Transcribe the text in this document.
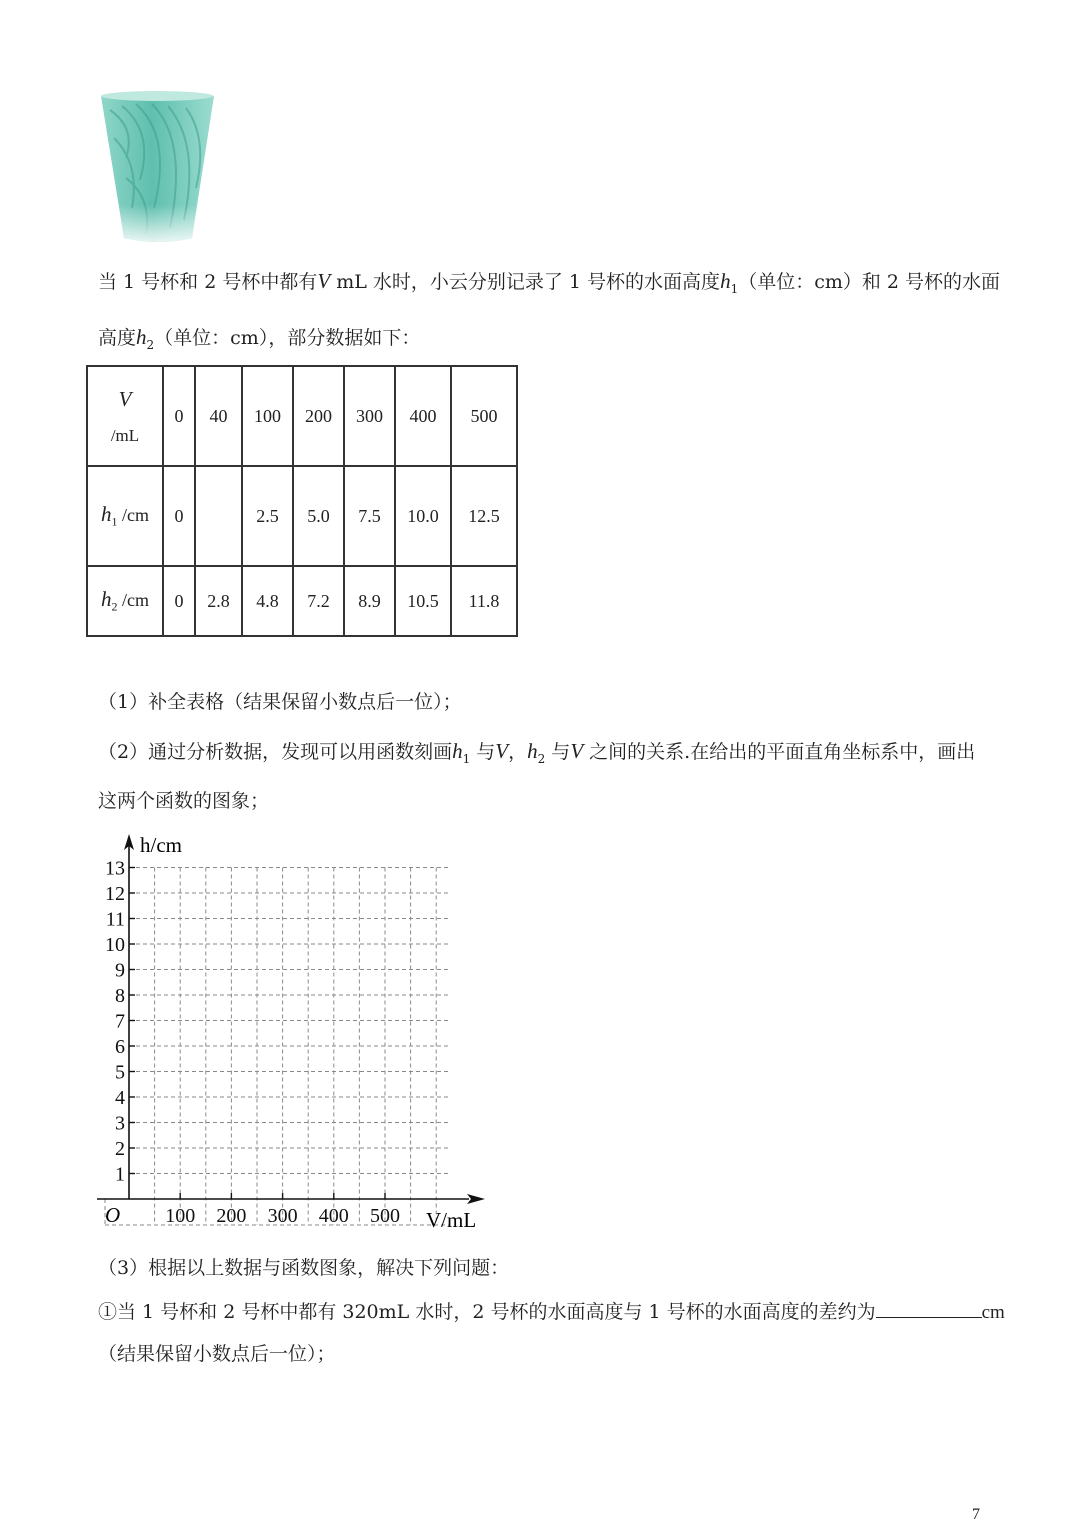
当 1 号杯和 2 号杯中都有V mL 水时，小云分别记录了 1 号杯的水面高度$h_1$（单位：cm）和 2 号杯的水面
高度$h_2$（单位：cm），部分数据如下：
V
/mL	0	40	100	200	300	400	500
$h_1$ /cm	0		2.5	5.0	7.5	10.0	12.5
$h_2$ /cm	0	2.8	4.8	7.2	8.9	10.5	11.8
（1）补全表格（结果保留小数点后一位）；
（2）通过分析数据，发现可以用函数刻画$h_1$ 与V，$h_2$ 与V 之间的关系.在给出的平面直角坐标系中，画出
这两个函数的图象；
1
2
3
4
5
6
7
8
9
10
11
12
13
100 200 300 400 500
h/cm
V/mL
O
（3）根据以上数据与函数图象，解决下列问题：
①当 1 号杯和 2 号杯中都有 320mL 水时，2 号杯的水面高度与 1 号杯的水面高度的差约为	cm
（结果保留小数点后一位）；
7
